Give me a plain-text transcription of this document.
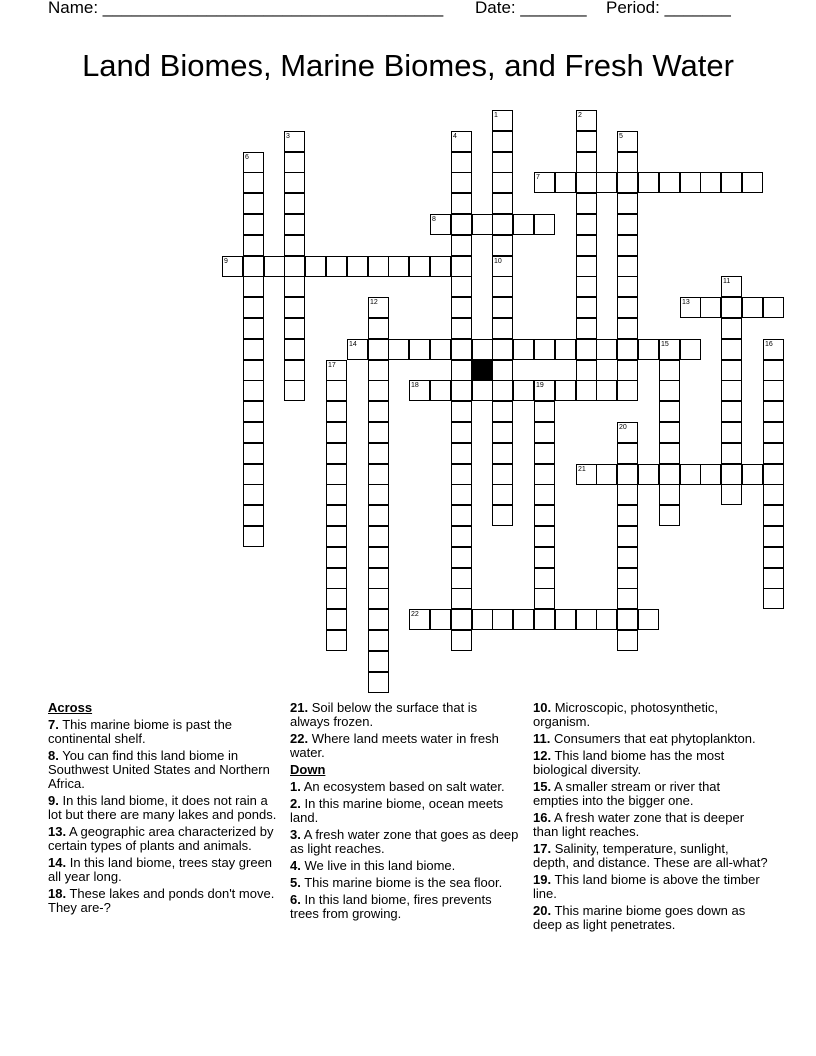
Name: ____________________________________

Date: _______

Period: _______

Land Biomes, Marine Biomes, and Fresh Water
7
8
9
13
14	15
18	19
21
22
1
10
2
3	4	5
6
11
12
16
17
20
Across
7. This marine biome is past the continental shelf.
8. You can find this land biome in Southwest United States and Northern Africa.
9. In this land biome, it does not rain a lot but there are many lakes and ponds.
13. A geographic area characterized by certain types of plants and animals.
14. In this land biome, trees stay green all year long.
18. These lakes and ponds don't move. They are-?
21. Soil below the surface that is always frozen.
22. Where land meets water in fresh water.
Down
1. An ecosystem based on salt water.
2. In this marine biome, ocean meets land.
3. A fresh water zone that goes as deep as light reaches.
4. We live in this land biome.
5. This marine biome is the sea floor.
6. In this land biome, fires prevents trees from growing.
10. Microscopic, photosynthetic, organism.
11. Consumers that eat phytoplankton.
12. This land biome has the most biological diversity.
15. A smaller stream or river that empties into the bigger one.
16. A fresh water zone that is deeper than light reaches.
17. Salinity, temperature, sunlight, depth, and distance. These are all-what?
19. This land biome is above the timber line.
20. This marine biome goes down as deep as light penetrates.
